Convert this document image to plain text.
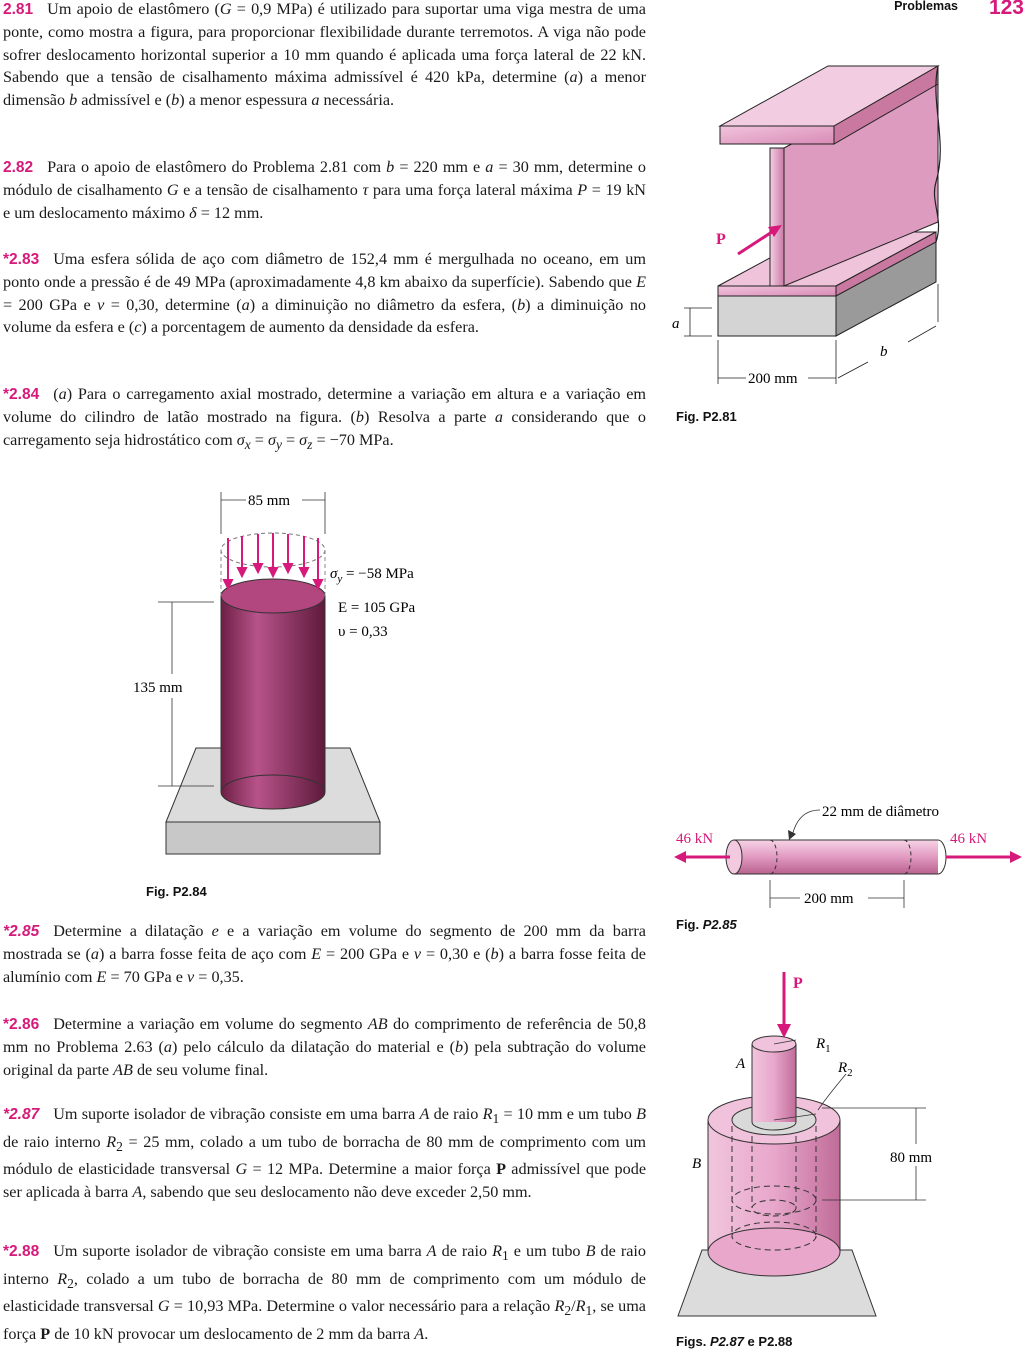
Problemas 123
2.81 Um apoio de elastômero (G = 0,9 MPa) é utilizado para suportar uma viga mestra de uma ponte, como mostra a figura, para proporcionar flexibilidade durante terremotos. A viga não pode sofrer deslocamento horizontal superior a 10 mm quando é aplicada uma força lateral de 22 kN. Sabendo que a tensão de cisalhamento máxima admissível é 420 kPa, determine (a) a menor dimensão b admissível e (b) a menor espessura a necessária.
2.82 Para o apoio de elastômero do Problema 2.81 com b = 220 mm e a = 30 mm, determine o módulo de cisalhamento G e a tensão de cisalhamento τ para uma força lateral máxima P = 19 kN e um deslocamento máximo δ = 12 mm.
*2.83 Uma esfera sólida de aço com diâmetro de 152,4 mm é mergulhada no oceano, em um ponto onde a pressão é de 49 MPa (aproximadamente 4,8 km abaixo da superfície). Sabendo que E = 200 GPa e ν = 0,30, determine (a) a diminuição no diâmetro da esfera, (b) a diminuição no volume da esfera e (c) a porcentagem de aumento da densidade da esfera.
*2.84 (a) Para o carregamento axial mostrado, determine a variação em altura e a variação em volume do cilindro de latão mostrado na figura. (b) Resolva a parte a considerando que o carregamento seja hidrostático com $\sigma_x = \sigma_y = \sigma_z = -70$ MPa.
*2.85 Determine a dilatação e e a variação em volume do segmento de 200 mm da barra mostrada se (a) a barra fosse feita de aço com E = 200 GPa e ν = 0,30 e (b) a barra fosse feita de alumínio com E = 70 GPa e ν = 0,35.
*2.86 Determine a variação em volume do segmento AB do comprimento de referência de 50,8 mm no Problema 2.63 (a) pelo cálculo da dilatação do material e (b) pela subtração do volume original da parte AB de seu volume final.
*2.87 Um suporte isolador de vibração consiste em uma barra A de raio $R_1 = 10$ mm e um tubo B de raio interno $R_2 = 25$ mm, colado a um tubo de borracha de 80 mm de comprimento com um módulo de elasticidade transversal G = 12 MPa. Determine a maior força P admissível que pode ser aplicada à barra A, sabendo que seu deslocamento não deve exceder 2,50 mm.
*2.88 Um suporte isolador de vibração consiste em uma barra A de raio $R_1$ e um tubo B de raio interno $R_2$, colado a um tubo de borracha de 80 mm de comprimento com um módulo de elasticidade transversal G = 10,93 MPa. Determine o valor necessário para a relação $R_2/R_1$, se uma força P de 10 kN provocar um deslocamento de 2 mm da barra A.
P
a
200 mm
b
Fig. P2.81
85 mm
135 mm
$\sigma_y = -58$ MPa
E = 105 GPa
υ = 0,33
Fig. P2.84
22 mm de diâmetro
46 kN	46 kN
200 mm
Fig. P2.85
P
$R_1$
$R_2$
A
B	80 mm
Figs. P2.87 e P2.88
